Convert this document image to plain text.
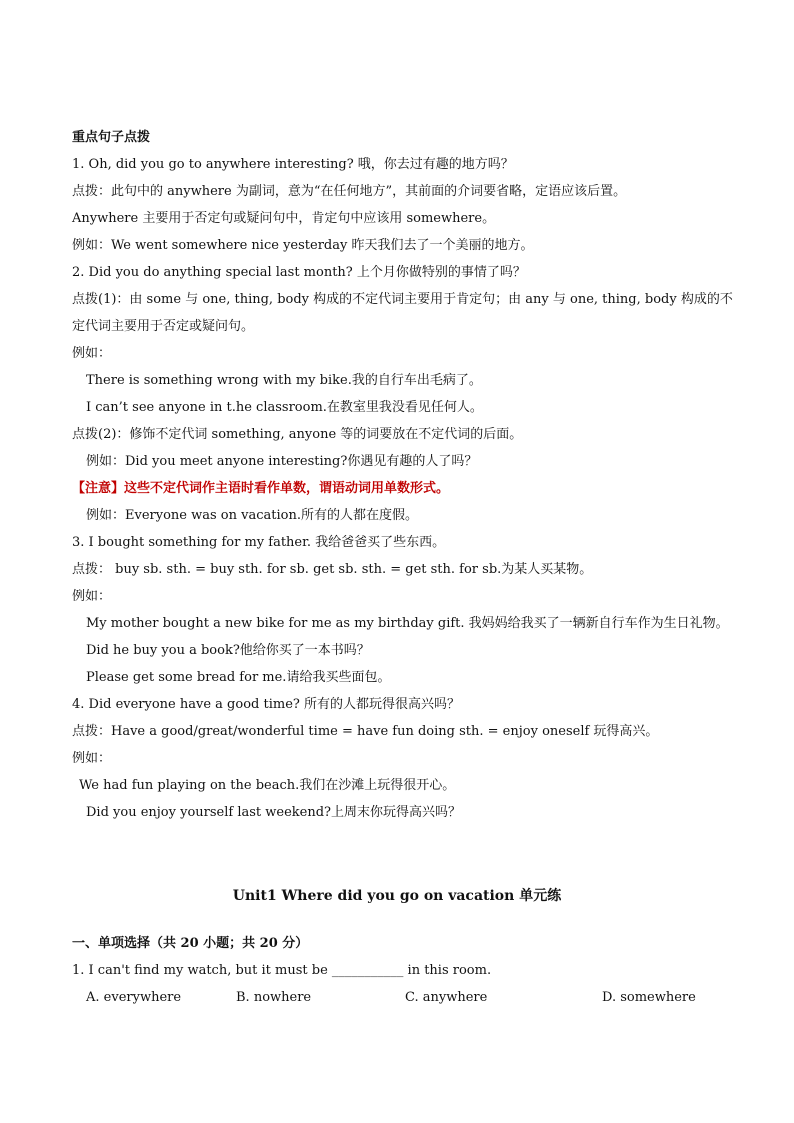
重点句子点拨
1. Oh, did you go to anywhere interesting? 哦，你去过有趣的地方吗？
点拨：此句中的 anywhere 为副词，意为“在任何地方”，其前面的介词要省略，定语应该后置。
Anywhere 主要用于否定句或疑问句中，肯定句中应该用 somewhere。
例如：We went somewhere nice yesterday 昨天我们去了一个美丽的地方。
2. Did you do anything special last month? 上个月你做特别的事情了吗？
点拨(1)：由 some 与 one, thing, body 构成的不定代词主要用于肯定句；由 any 与 one, thing, body 构成的不
定代词主要用于否定或疑问句。
例如：
There is something wrong with my bike.我的自行车出毛病了。
I can’t see anyone in t.he classroom.在教室里我没看见任何人。
点拨(2)：修饰不定代词 something, anyone 等的词要放在不定代词的后面。
例如：Did you meet anyone interesting?你遇见有趣的人了吗？
【注意】这些不定代词作主语时看作单数，谓语动词用单数形式。
例如：Everyone was on vacation.所有的人都在度假。
3. I bought something for my father. 我给爸爸买了些东西。
点拨： buy sb. sth. = buy sth. for sb. get sb. sth. = get sth. for sb.为某人买某物。
例如：
My mother bought a new bike for me as my birthday gift. 我妈妈给我买了一辆新自行车作为生日礼物。
Did he buy you a book?他给你买了一本书吗？
Please get some bread for me.请给我买些面包。
4. Did everyone have a good time? 所有的人都玩得很高兴吗？
点拨：Have a good/great/wonderful time = have fun doing sth. = enjoy oneself 玩得高兴。
例如：
We had fun playing on the beach.我们在沙滩上玩得很开心。
Did you enjoy yourself last weekend?上周末你玩得高兴吗？
Unit1 Where did you go on vacation 单元练
一、单项选择（共 20 小题；共 20 分）
1. I can't find my watch, but it must be ___________ in this room.
A. everywhere	B. nowhere	C. anywhere	D. somewhere
